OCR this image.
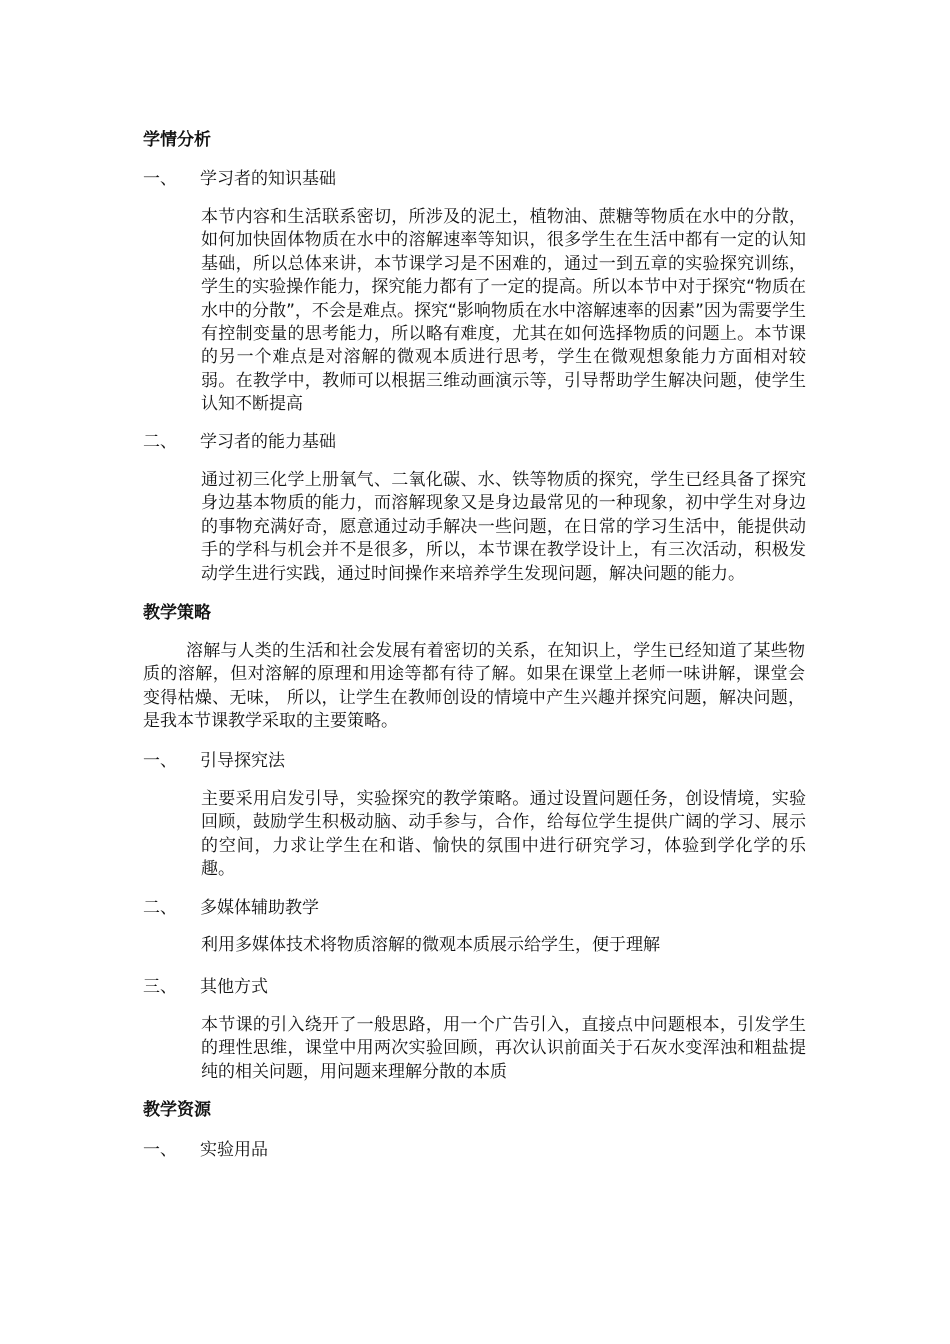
学情分析
一、 学习者的知识基础
本节内容和生活联系密切，所涉及的泥土，植物油、蔗糖等物质在水中的分散，如何加快固体物质在水中的溶解速率等知识，很多学生在生活中都有一定的认知基础，所以总体来讲，本节课学习是不困难的，通过一到五章的实验探究训练，学生的实验操作能力，探究能力都有了一定的提高。所以本节中对于探究“物质在水中的分散”，不会是难点。探究“影响物质在水中溶解速率的因素”因为需要学生有控制变量的思考能力，所以略有难度，尤其在如何选择物质的问题上。本节课的另一个难点是对溶解的微观本质进行思考，学生在微观想象能力方面相对较弱。在教学中，教师可以根据三维动画演示等，引导帮助学生解决问题，使学生认知不断提高
二、 学习者的能力基础
通过初三化学上册氧气、二氧化碳、水、铁等物质的探究，学生已经具备了探究身边基本物质的能力，而溶解现象又是身边最常见的一种现象，初中学生对身边的事物充满好奇，愿意通过动手解决一些问题，在日常的学习生活中，能提供动手的学科与机会并不是很多，所以，本节课在教学设计上，有三次活动，积极发动学生进行实践，通过时间操作来培养学生发现问题，解决问题的能力。
教学策略
溶解与人类的生活和社会发展有着密切的关系，在知识上，学生已经知道了某些物质的溶解，但对溶解的原理和用途等都有待了解。如果在课堂上老师一味讲解，课堂会变得枯燥、无味， 所以，让学生在教师创设的情境中产生兴趣并探究问题，解决问题，是我本节课教学采取的主要策略。
一、 引导探究法
主要采用启发引导，实验探究的教学策略。通过设置问题任务，创设情境，实验回顾，鼓励学生积极动脑、动手参与，合作，给每位学生提供广阔的学习、展示的空间，力求让学生在和谐、愉快的氛围中进行研究学习，体验到学化学的乐趣。
二、 多媒体辅助教学
利用多媒体技术将物质溶解的微观本质展示给学生，便于理解
三、 其他方式
本节课的引入绕开了一般思路，用一个广告引入，直接点中问题根本，引发学生的理性思维，课堂中用两次实验回顾，再次认识前面关于石灰水变浑浊和粗盐提纯的相关问题，用问题来理解分散的本质
教学资源
一、 实验用品
